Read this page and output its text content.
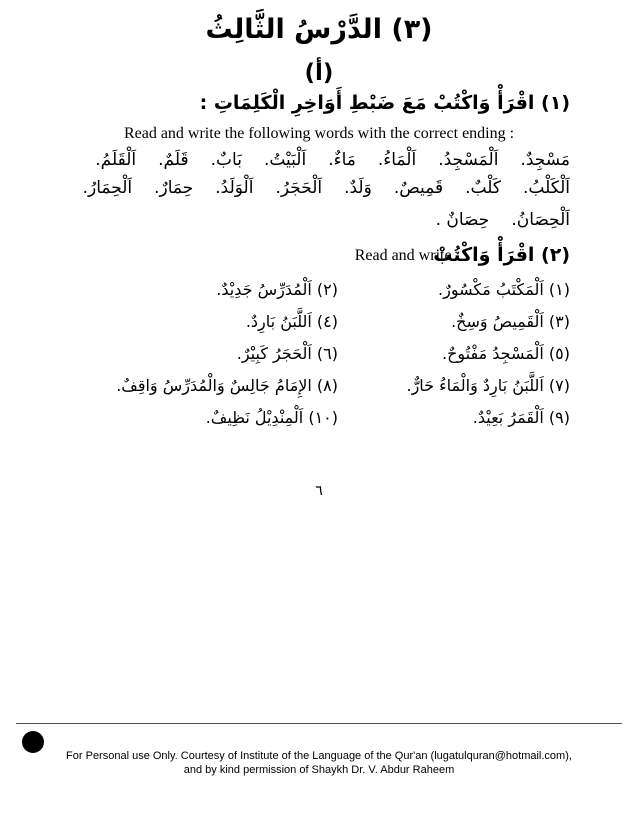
(٣) الدَّرْسُ الثَّالِثُ
(أ)
(١) اقْرَأْ وَاكْتُبْ مَعَ ضَبْطِ أَوَاخِرِ الْكَلِمَاتِ :
Read and write the following words with the correct ending :
مَسْجِدٌ.
اَلْمَسْجِدُ.
اَلْمَاءُ.
مَاءٌ.
اَلْبَيْتُ.
بَابٌ.
قَلَمٌ.
اَلْقَلَمُ.
اَلْكَلْبُ.
كَلْبٌ.
قَمِيصٌ.
وَلَدٌ.
اَلْحَجَرُ.
اَلْوَلَدُ.
حِمَارٌ.
اَلْحِمَارُ.
اَلْحِصَانُ.
حِصَانٌ .
(٢) اقْرَأْ وَاكْتُبْ
Read and write :
(١) اَلْمَكْتَبُ مَكْسُورٌ.
(٢) اَلْمُدَرِّسُ جَدِيْدٌ.
(٣) اَلْقَمِيصُ وَسِخٌ.
(٤) اَللَّبَنُ بَارِدٌ.
(٥) اَلْمَسْجِدُ مَفْتُوحٌ.
(٦) اَلْحَجَرُ كَبِيْرٌ.
(٧) اَللَّبَنُ بَارِدٌ وَالْمَاءُ حَارٌّ.
(٨) الإِمَامُ جَالِسٌ وَالْمُدَرِّسُ وَاقِفٌ.
(٩) اَلْقَمَرُ بَعِيْدٌ.
(١٠) اَلْمِنْدِيْلُ نَظِيفٌ.
٦
For Personal use Only. Courtesy of Institute of the Language of the Qur'an (lugatulquran@hotmail.com),
and by kind permission of Shaykh Dr. V. Abdur Raheem
